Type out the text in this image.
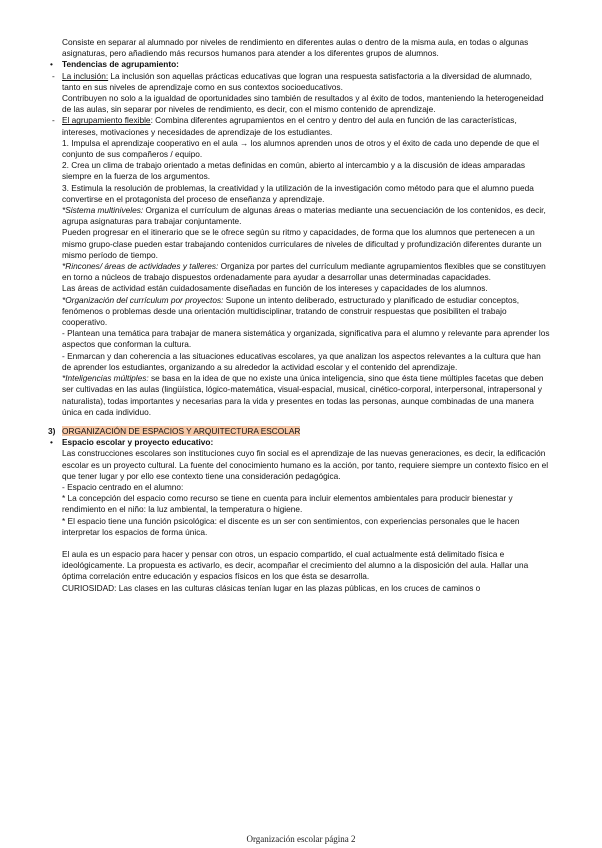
Consiste en separar al alumnado por niveles de rendimiento en diferentes aulas o dentro de la misma aula, en todas o algunas asignaturas, pero añadiendo más recursos humanos para atender a los diferentes grupos de alumnos.

• Tendencias de agrupamiento:
- La inclusión: La inclusión son aquellas prácticas educativas que logran una respuesta satisfactoria a la diversidad de alumnado, tanto en sus niveles de aprendizaje como en sus contextos socioeducativos.

Contribuyen no solo a la igualdad de oportunidades sino también de resultados y al éxito de todos, manteniendo la heterogeneidad de las aulas, sin separar por niveles de rendimiento, es decir, con el mismo contenido de aprendizaje.

- El agrupamiento flexible: Combina diferentes agrupamientos en el centro y dentro del aula en función de las características, intereses, motivaciones y necesidades de aprendizaje de los estudiantes.

1. Impulsa el aprendizaje cooperativo en el aula → los alumnos aprenden unos de otros y el éxito de cada uno depende de que el conjunto de sus compañeros / equipo.

2. Crea un clima de trabajo orientado a metas definidas en común, abierto al intercambio y a la discusión de ideas amparadas siempre en la fuerza de los argumentos.

3. Estimula la resolución de problemas, la creatividad y la utilización de la investigación como método para que el alumno pueda convertirse en el protagonista del proceso de enseñanza y aprendizaje.

*Sistema multiniveles: Organiza el currículum de algunas áreas o materias mediante una secuenciación de los contenidos, es decir, agrupa asignaturas para trabajar conjuntamente.

Pueden progresar en el itinerario que se le ofrece según su ritmo y capacidades, de forma que los alumnos que pertenecen a un mismo grupo-clase pueden estar trabajando contenidos curriculares de niveles de dificultad y profundización diferentes durante un mismo período de tiempo.

*Rincones/ áreas de actividades y talleres: Organiza por partes del currículum mediante agrupamientos flexibles que se constituyen en torno a núcleos de trabajo dispuestos ordenadamente para ayudar a desarrollar unas determinadas capacidades.

Las áreas de actividad están cuidadosamente diseñadas en función de los intereses y capacidades de los alumnos.

*Organización del currículum por proyectos: Supone un intento deliberado, estructurado y planificado de estudiar conceptos, fenómenos o problemas desde una orientación multidisciplinar, tratando de construir respuestas que posibiliten el trabajo cooperativo.

- Plantean una temática para trabajar de manera sistemática y organizada, significativa para el alumno y relevante para aprender los aspectos que conforman la cultura.

- Enmarcan y dan coherencia a las situaciones educativas escolares, ya que analizan los aspectos relevantes a la cultura que han de aprender los estudiantes, organizando a su alrededor la actividad escolar y el contenido del aprendizaje.

*Inteligencias múltiples: se basa en la idea de que no existe una única inteligencia, sino que ésta tiene múltiples facetas que deben ser cultivadas en las aulas (lingüística, lógico-matemática, visual-espacial, musical, cinético-corporal, interpersonal, intrapersonal y naturalista), todas importantes y necesarias para la vida y presentes en todas las personas, aunque combinadas de una manera única en cada individuo.

3) ORGANIZACIÓN DE ESPACIOS Y ARQUITECTURA ESCOLAR
• Espacio escolar y proyecto educativo:

Las construcciones escolares son instituciones cuyo fin social es el aprendizaje de las nuevas generaciones, es decir, la edificación escolar es un proyecto cultural. La fuente del conocimiento humano es la acción, por tanto, requiere siempre un contexto físico en el que tener lugar y por ello ese contexto tiene una consideración pedagógica.

- Espacio centrado en el alumno:

* La concepción del espacio como recurso se tiene en cuenta para incluir elementos ambientales para producir bienestar y rendimiento en el niño: la luz ambiental, la temperatura o higiene.

* El espacio tiene una función psicológica: el discente es un ser con sentimientos, con experiencias personales que le hacen interpretar los espacios de forma única.

El aula es un espacio para hacer y pensar con otros, un espacio compartido, el cual actualmente está delimitado física e ideológicamente. La propuesta es activarlo, es decir, acompañar el crecimiento del alumno a la disposición del aula. Hallar una óptima correlación entre educación y espacios físicos en los que ésta se desarrolla.

CURIOSIDAD: Las clases en las culturas clásicas tenían lugar en las plazas públicas, en los cruces de caminos o

Organización escolar página 2
